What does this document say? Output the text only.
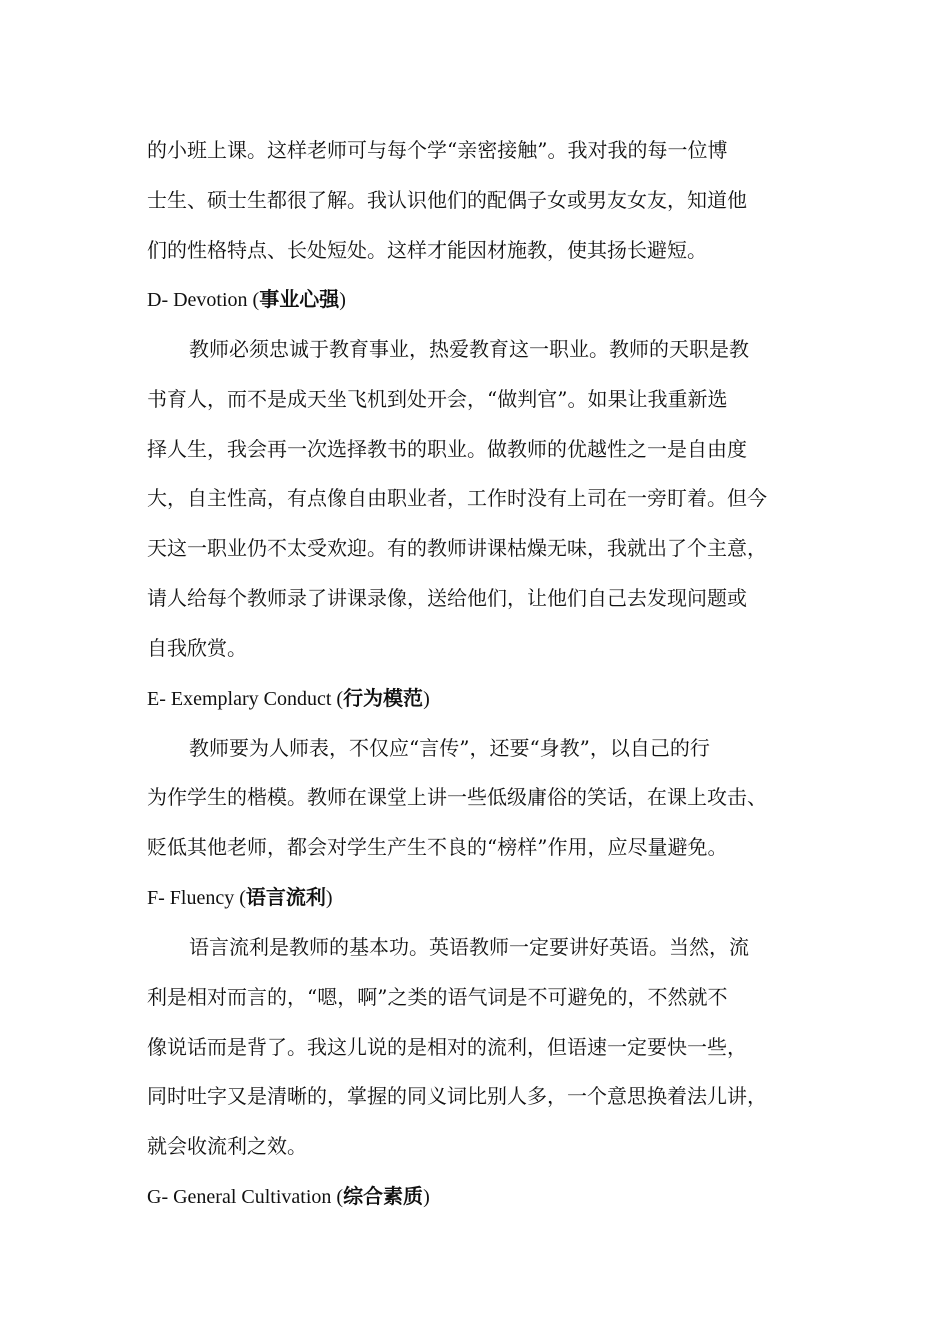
的小班上课。这样老师可与每个学“亲密接触”。我对我的每一位博
士生、硕士生都很了解。我认识他们的配偶子女或男友女友，知道他
们的性格特点、长处短处。这样才能因材施教，使其扬长避短。
D- Devotion (事业心强)
教师必须忠诚于教育事业，热爱教育这一职业。教师的天职是教
书育人，而不是成天坐飞机到处开会，“做判官”。如果让我重新选
择人生，我会再一次选择教书的职业。做教师的优越性之一是自由度
大，自主性高，有点像自由职业者，工作时没有上司在一旁盯着。但今
天这一职业仍不太受欢迎。有的教师讲课枯燥无味，我就出了个主意，
请人给每个教师录了讲课录像，送给他们，让他们自己去发现问题或
自我欣赏。
E- Exemplary Conduct (行为模范)
教师要为人师表，不仅应“言传”，还要“身教”，以自己的行
为作学生的楷模。教师在课堂上讲一些低级庸俗的笑话，在课上攻击、
贬低其他老师，都会对学生产生不良的“榜样”作用，应尽量避免。
F- Fluency (语言流利)
语言流利是教师的基本功。英语教师一定要讲好英语。当然，流
利是相对而言的，“嗯，啊”之类的语气词是不可避免的，不然就不
像说话而是背了。我这儿说的是相对的流利，但语速一定要快一些，
同时吐字又是清晰的，掌握的同义词比别人多，一个意思换着法儿讲，
就会收流利之效。
G- General Cultivation (综合素质)
